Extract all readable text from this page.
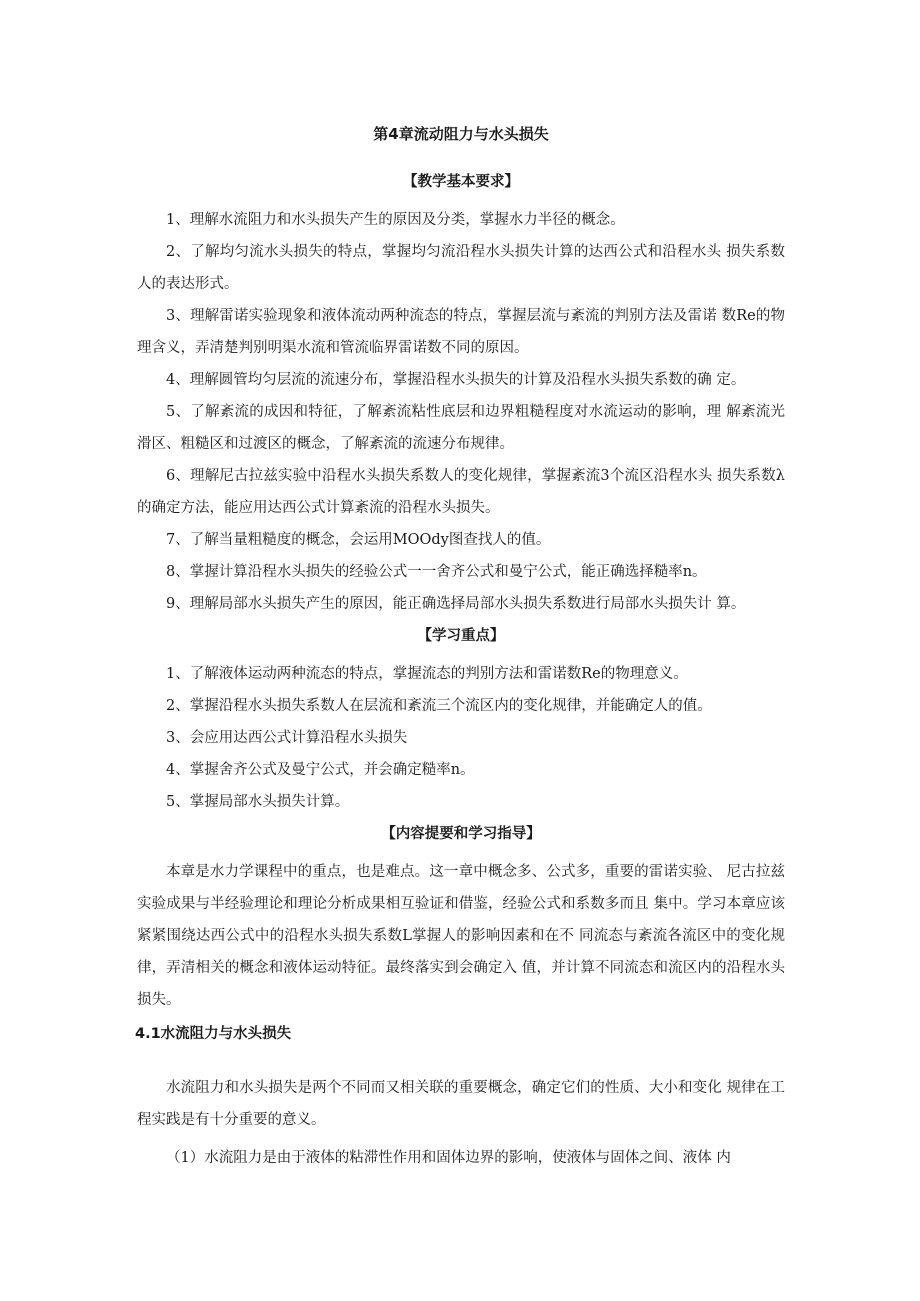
第4章流动阻力与水头损失
【教学基本要求】

1、理解水流阻力和水头损失产生的原因及分类，掌握水力半径的概念。

2、了解均匀流水头损失的特点，掌握均匀流沿程水头损失计算的达西公式和沿程水头 损失系数人的表达形式。

3、理解雷诺实验现象和液体流动两种流态的特点，掌握层流与紊流的判别方法及雷诺 数Re的物理含义，弄清楚判别明渠水流和管流临界雷诺数不同的原因。

4、理解圆管均匀层流的流速分布，掌握沿程水头损失的计算及沿程水头损失系数的确 定。

5、了解紊流的成因和特征，了解紊流粘性底层和边界粗糙程度对水流运动的影响，理 解紊流光滑区、粗糙区和过渡区的概念，了解紊流的流速分布规律。

6、理解尼古拉兹实验中沿程水头损失系数人的变化规律，掌握紊流3个流区沿程水头 损失系数λ的确定方法，能应用达西公式计算紊流的沿程水头损失。

7、了解当量粗糙度的概念，会运用MOOdy图查找人的值。

8、掌握计算沿程水头损失的经验公式一一舍齐公式和曼宁公式，能正确选择糙率n。

9、理解局部水头损失产生的原因，能正确选择局部水头损失系数进行局部水头损失计 算。

【学习重点】

1、了解液体运动两种流态的特点，掌握流态的判别方法和雷诺数Re的物理意义。

2、掌握沿程水头损失系数人在层流和紊流三个流区内的变化规律，并能确定人的值。

3、会应用达西公式计算沿程水头损失

4、掌握舍齐公式及曼宁公式，并会确定糙率n。

5、掌握局部水头损失计算。

【内容提要和学习指导】

本章是水力学课程中的重点，也是难点。这一章中概念多、公式多，重要的雷诺实验、 尼古拉兹实验成果与半经验理论和理论分析成果相互验证和借鉴，经验公式和系数多而且 集中。学习本章应该紧紧围绕达西公式中的沿程水头损失系数L掌握人的影响因素和在不 同流态与紊流各流区中的变化规律，弄清相关的概念和液体运动特征。最终落实到会确定入 值，并计算不同流态和流区内的沿程水头损失。

4.1水流阻力与水头损失

水流阻力和水头损失是两个不同而又相关联的重要概念，确定它们的性质、大小和变化 规律在工程实践是有十分重要的意义。

（1）水流阻力是由于液体的粘滞性作用和固体边界的影响，使液体与固体之间、液体 内
